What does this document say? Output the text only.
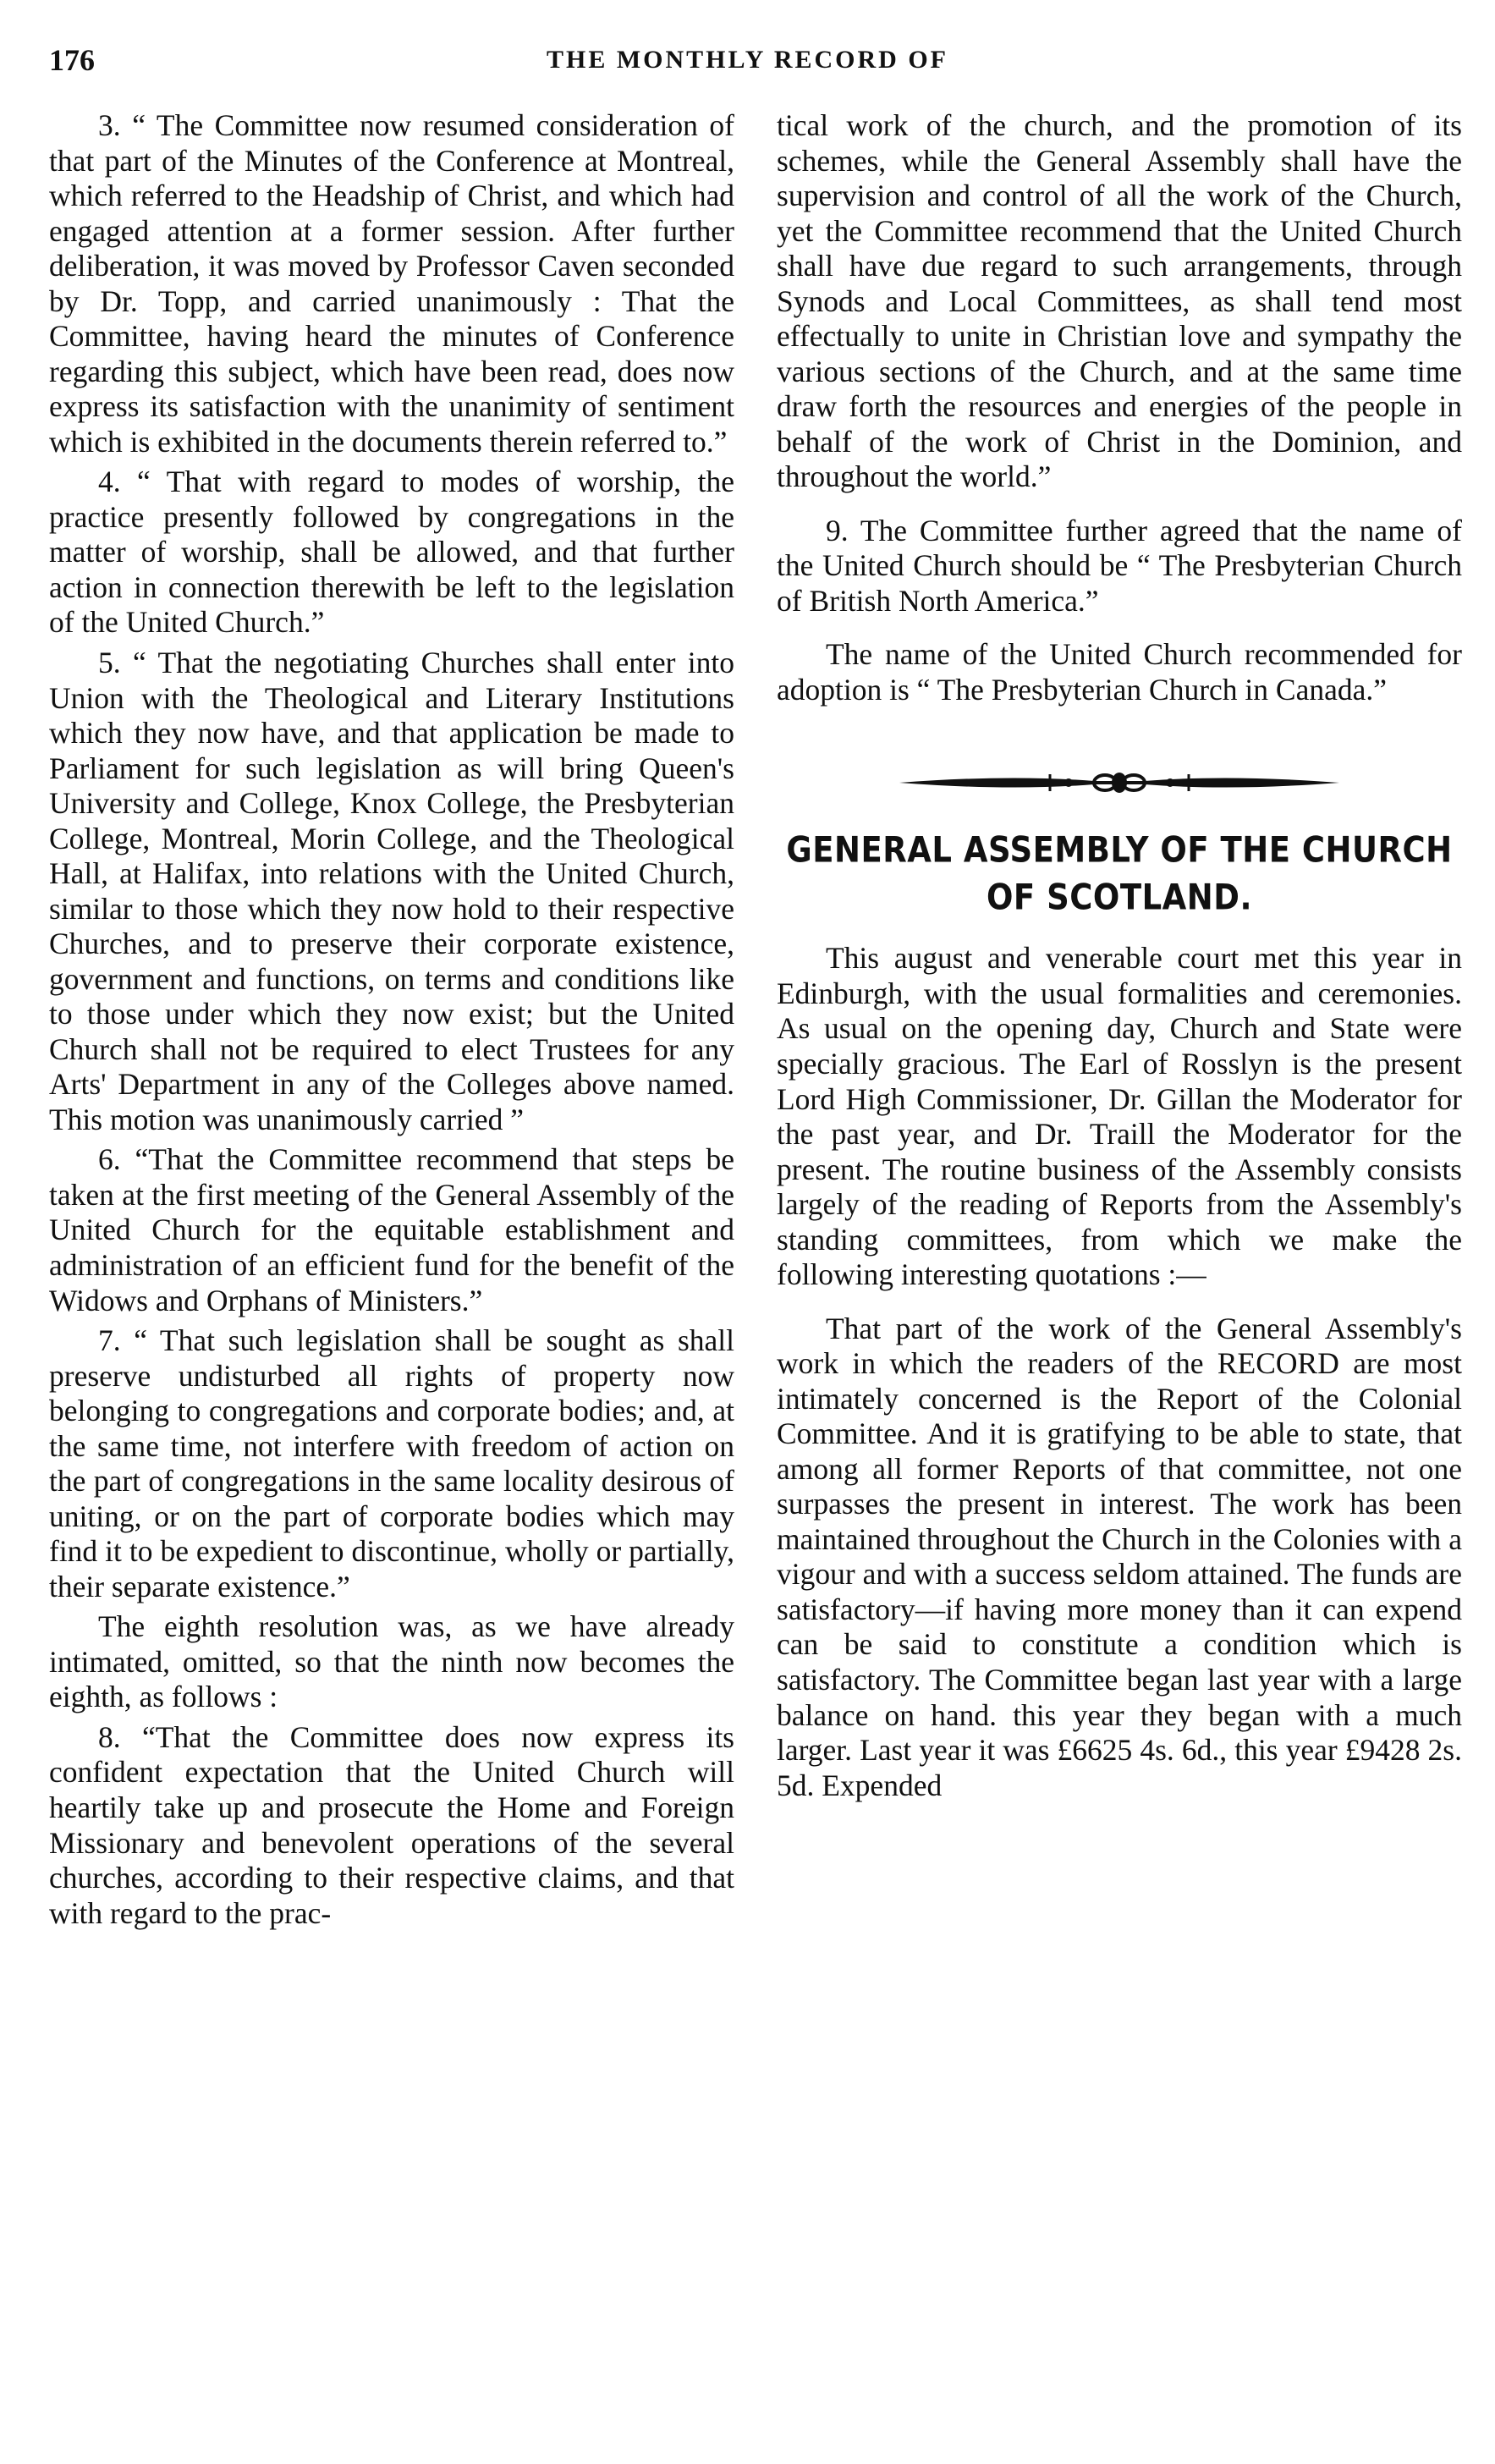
176	THE MONTHLY RECORD OF

3. “ The Committee now resumed consideration of that part of the Minutes of the Conference at Montreal, which referred to the Headship of Christ, and which had engaged attention at a former session. After further deliberation, it was moved by Professor Caven seconded by Dr. Topp, and carried unanimously : That the Committee, having heard the minutes of Conference regarding this subject, which have been read, does now express its satisfaction with the unanimity of sentiment which is exhibited in the documents therein referred to.”

4. “ That with regard to modes of worship, the practice presently followed by congregations in the matter of worship, shall be allowed, and that further action in connection therewith be left to the legislation of the United Church.”

5. “ That the negotiating Churches shall enter into Union with the Theological and Literary Institutions which they now have, and that application be made to Parliament for such legislation as will bring Queen's University and College, Knox College, the Presbyterian College, Montreal, Morin College, and the Theological Hall, at Halifax, into relations with the United Church, similar to those which they now hold to their respective Churches, and to preserve their corporate existence, government and functions, on terms and conditions like to those under which they now exist; but the United Church shall not be required to elect Trustees for any Arts' Department in any of the Colleges above named. This motion was unanimously carried ”

6. “That the Committee recommend that steps be taken at the first meeting of the General Assembly of the United Church for the equitable establishment and administration of an efficient fund for the benefit of the Widows and Orphans of Ministers.”

7. “ That such legislation shall be sought as shall preserve undisturbed all rights of property now belonging to congregations and corporate bodies; and, at the same time, not interfere with freedom of action on the part of congregations in the same locality desirous of uniting, or on the part of corporate bodies which may find it to be expedient to discontinue, wholly or partially, their separate existence.”

The eighth resolution was, as we have already intimated, omitted, so that the ninth now becomes the eighth, as follows :

8. “That the Committee does now express its confident expectation that the United Church will heartily take up and prosecute the Home and Foreign Missionary and benevolent operations of the several churches, according to their respective claims, and that with regard to the prac-

tical work of the church, and the promotion of its schemes, while the General Assembly shall have the supervision and control of all the work of the Church, yet the Committee recommend that the United Church shall have due regard to such arrangements, through Synods and Local Committees, as shall tend most effectually to unite in Christian love and sympathy the various sections of the Church, and at the same time draw forth the resources and energies of the people in behalf of the work of Christ in the Dominion, and throughout the world.”

9. The Committee further agreed that the name of the United Church should be “ The Presbyterian Church of British North America.”

The name of the United Church recommended for adoption is “ The Presbyterian Church in Canada.”

GENERAL ASSEMBLY OF THE CHURCH OF SCOTLAND.

This august and venerable court met this year in Edinburgh, with the usual formalities and ceremonies. As usual on the opening day, Church and State were specially gracious. The Earl of Rosslyn is the present Lord High Commissioner, Dr. Gillan the Moderator for the past year, and Dr. Traill the Moderator for the present. The routine business of the Assembly consists largely of the reading of Reports from the Assembly's standing committees, from which we make the following interesting quotations :—

That part of the work of the General Assembly's work in which the readers of the RECORD are most intimately concerned is the Report of the Colonial Committee. And it is gratifying to be able to state, that among all former Reports of that committee, not one surpasses the present in interest. The work has been maintained throughout the Church in the Colonies with a vigour and with a success seldom attained. The funds are satisfactory—if having more money than it can expend can be said to constitute a condition which is satisfactory. The Committee began last year with a large balance on hand. this year they began with a much larger. Last year it was £6625 4s. 6d., this year £9428 2s. 5d. Expended
